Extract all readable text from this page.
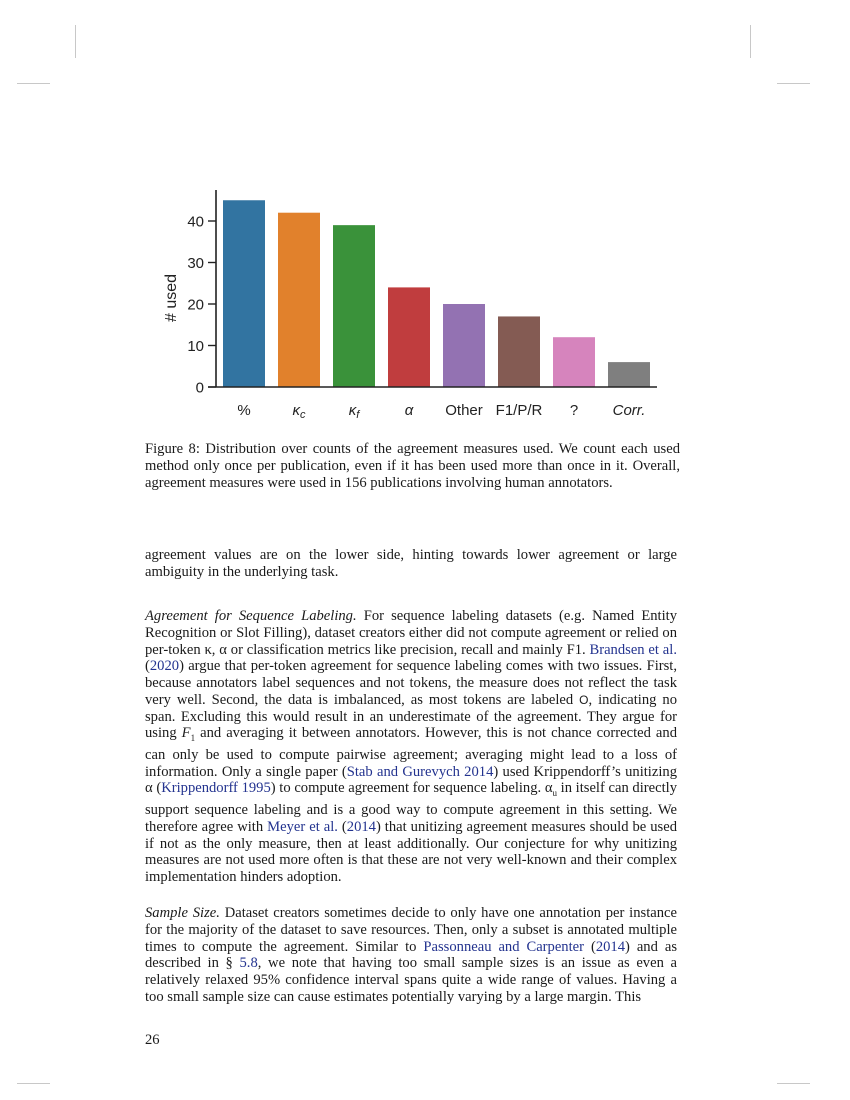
0
10
20
30
40
# used
%	$\kappa_c$	$\kappa_f$	α Other F1/P/R ? Corr.
Figure 8: Distribution over counts of the agreement measures used. We count each used method only once per publication, even if it has been used more than once in it. Overall, agreement measures were used in 156 publications involving human annotators.

agreement values are on the lower side, hinting towards lower agreement or large ambiguity in the underlying task.

Agreement for Sequence Labeling. For sequence labeling datasets (e.g. Named Entity Recognition or Slot Filling), dataset creators either did not compute agreement or relied on per-token κ, α or classification metrics like precision, recall and mainly F1. Brandsen et al. (2020) argue that per-token agreement for sequence labeling comes with two issues. First, because annotators label sequences and not tokens, the measure does not reflect the task very well. Second, the data is imbalanced, as most tokens are labeled O, indicating no span. Excluding this would result in an underestimate of the agreement. They argue for using $F_1$ and averaging it between annotators. However, this is not chance corrected and can only be used to compute pairwise agreement; averaging might lead to a loss of information. Only a single paper (Stab and Gurevych 2014) used Krippendorff’s unitizing α (Krippendorff 1995) to compute agreement for sequence labeling. $\alpha_u$ in itself can directly support sequence labeling and is a good way to compute agreement in this setting. We therefore agree with Meyer et al. (2014) that unitizing agreement measures should be used if not as the only measure, then at least additionally. Our conjecture for why unitizing measures are not used more often is that these are not very well-known and their complex implementation hinders adoption.

Sample Size. Dataset creators sometimes decide to only have one annotation per instance for the majority of the dataset to save resources. Then, only a subset is annotated multiple times to compute the agreement. Similar to Passonneau and Carpenter (2014) and as described in § 5.8, we note that having too small sample sizes is an issue as even a relatively relaxed 95% confidence interval spans quite a wide range of values. Having a too small sample size can cause estimates potentially varying by a large margin. This

26
